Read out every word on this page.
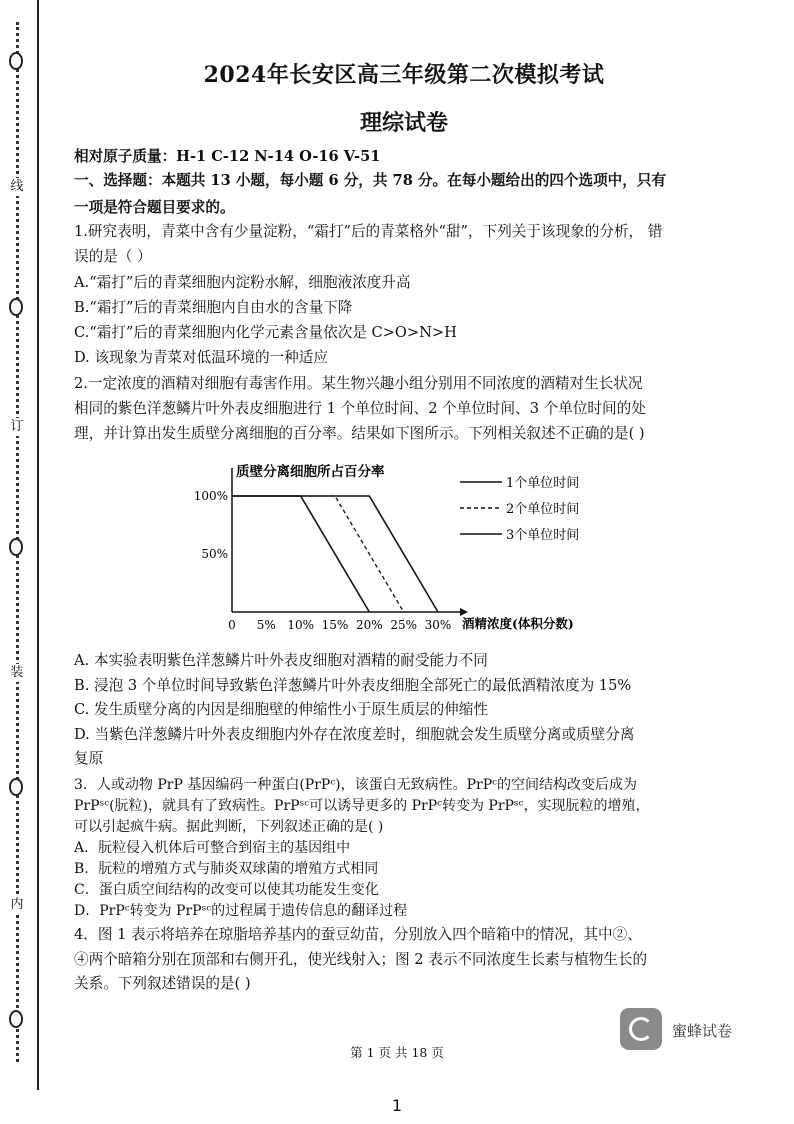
线
订
装
内
2024年长安区高三年级第二次模拟考试
理综试卷
相对原子质量：H-1 C-12 N-14 O-16 V-51
一、选择题：本题共 13 小题，每小题 6 分，共 78 分。在每小题给出的四个选项中，只有
一项是符合题目要求的。
1.研究表明，青菜中含有少量淀粉，“霜打”后的青菜格外“甜”，下列关于该现象的分析， 错
误的是（ ）
A.“霜打”后的青菜细胞内淀粉水解，细胞液浓度升高
B.“霜打”后的青菜细胞内自由水的含量下降
C.“霜打”后的青菜细胞内化学元素含量依次是 C>O>N>H
D. 该现象为青菜对低温环境的一种适应
2.一定浓度的酒精对细胞有毒害作用。某生物兴趣小组分别用不同浓度的酒精对生长状况
相同的紫色洋葱鳞片叶外表皮细胞进行 1 个单位时间、2 个单位时间、3 个单位时间的处
理，并计算出发生质壁分离细胞的百分率。结果如下图所示。下列相关叙述不正确的是( )
质壁分离细胞所占百分率
0 5% 10% 15% 20% 25% 30%
50%
100%
1个单位时间
2个单位时间
3个单位时间
酒精浓度(体积分数)
A. 本实验表明紫色洋葱鳞片叶外表皮细胞对酒精的耐受能力不同
B. 浸泡 3 个单位时间导致紫色洋葱鳞片叶外表皮细胞全部死亡的最低酒精浓度为 15%
C. 发生质壁分离的内因是细胞壁的伸缩性小于原生质层的伸缩性
D. 当紫色洋葱鳞片叶外表皮细胞内外存在浓度差时，细胞就会发生质壁分离或质壁分离
复原
3．人或动物 PrP 基因编码一种蛋白(PrPᶜ)，该蛋白无致病性。PrPᶜ的空间结构改变后成为
PrPˢᶜ(朊粒)，就具有了致病性。PrPˢᶜ可以诱导更多的 PrPᶜ转变为 PrPˢᶜ，实现朊粒的增殖，
可以引起疯牛病。据此判断，下列叙述正确的是( )
A．朊粒侵入机体后可整合到宿主的基因组中
B．朊粒的增殖方式与肺炎双球菌的增殖方式相同
C．蛋白质空间结构的改变可以使其功能发生变化
D．PrPᶜ转变为 PrPˢᶜ的过程属于遗传信息的翻译过程
4．图 1 表示将培养在琼脂培养基内的蚕豆幼苗，分别放入四个暗箱中的情况，其中②、
④两个暗箱分别在顶部和右侧开孔，使光线射入；图 2 表示不同浓度生长素与植物生长的
关系。下列叙述错误的是( )
蜜蜂试卷
第 1 页 共 18 页
1
